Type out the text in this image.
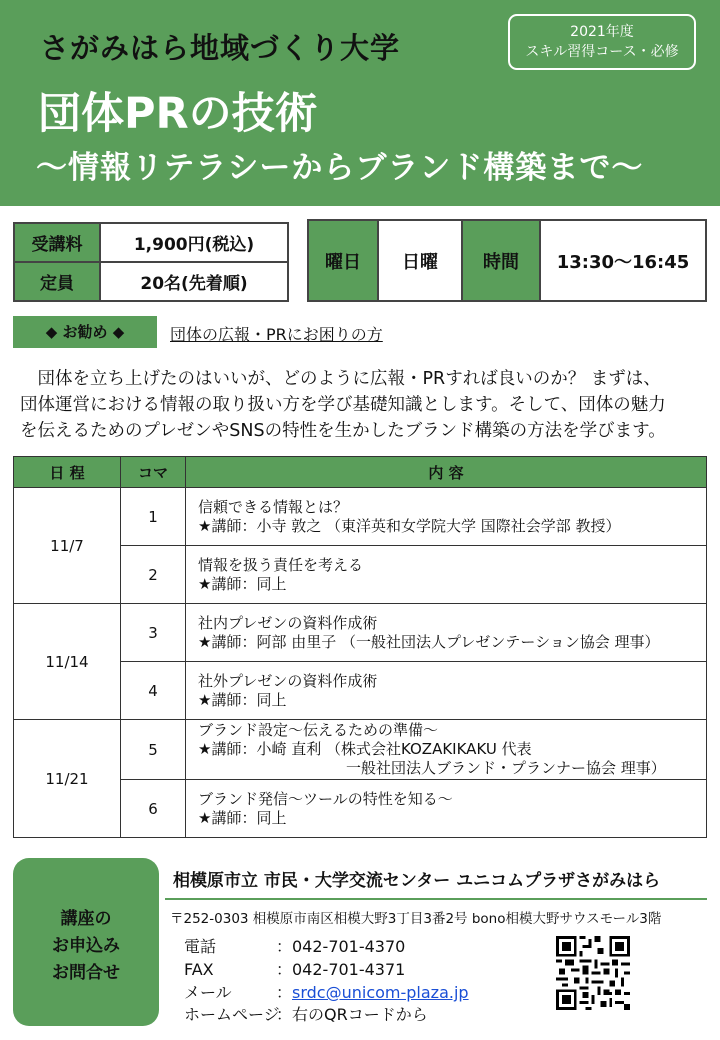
さがみはら地域づくり大学
団体PRの技術
～情報リテラシーからブランド構築まで～
2021年度
スキル習得コース・必修
受講料	1,900円(税込)
定員	20名(先着順)
曜日	日曜	時間	13:30～16:45
◆ お勧め ◆	団体の広報・PRにお困りの方

　団体を立ち上げたのはいいが、どのように広報・PRすれば良いのか？ まずは、

団体運営における情報の取り扱い方を学び基礎知識とします。そして、団体の魅力

を伝えるためのプレゼンやSNSの特性を生かしたブランド構築の方法を学びます。

日 程	コマ	内 容
11/7	1	信頼できる情報とは？
★講師：小寺 敦之 （東洋英和女学院大学 国際社会学部 教授）

	2	情報を扱う責任を考える
★講師：同上

11/14	3	社内プレゼンの資料作成術
★講師：阿部 由里子 （一般社団法人プレゼンテーション協会 理事）

	4	社外プレゼンの資料作成術
★講師：同上

11/21	5	ブランド設定～伝えるための準備～
★講師：小崎 直利 （株式会社KOZAKIKAKU 代表
一般社団法人ブランド・プランナー協会 理事）

	6	ブランド発信～ツールの特性を知る～
★講師：同上
講座の
お申込み
お問合せ
相模原市立 市民・大学交流センター ユニコムプラザさがみはら
〒252-0303 相模原市南区相模大野3丁目3番2号 bono相模大野サウスモール3階
電話	：042-701-4370
FAX	：042-701-4371
メール	：srdc@unicom-plaza.jp
ホームページ：右のQRコードから
